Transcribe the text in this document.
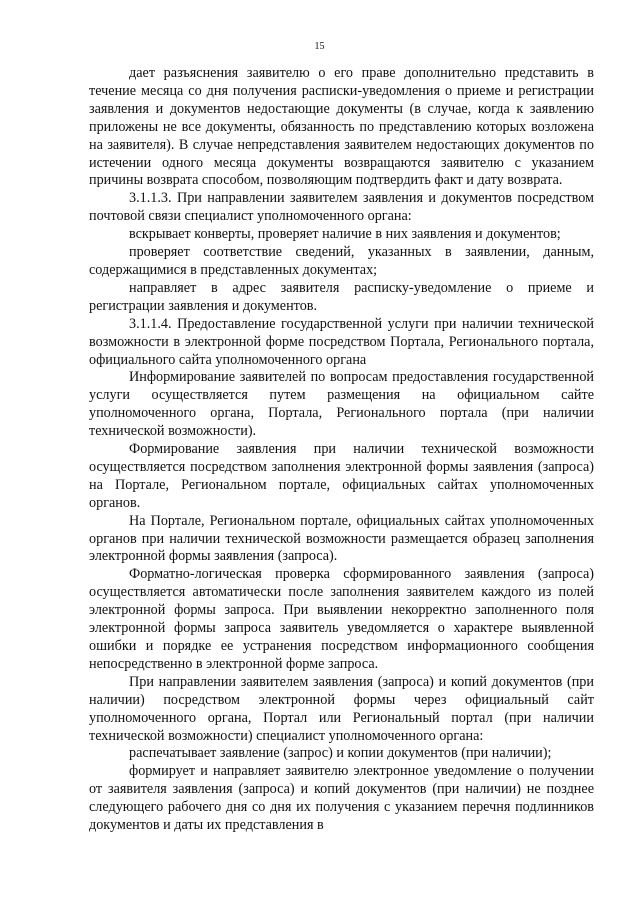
15

дает разъяснения заявителю о его праве дополнительно представить в течение месяца со дня получения расписки-уведомления о приеме и регистрации заявления и документов недостающие документы (в случае, когда к заявлению приложены не все документы, обязанность по представлению которых возложена на заявителя). В случае непредставления заявителем недостающих документов по истечении одного месяца документы возвращаются заявителю с указанием причины возврата способом, позволяющим подтвердить факт и дату возврата.

3.1.1.3. При направлении заявителем заявления и документов посредством почтовой связи специалист уполномоченного органа:

вскрывает конверты, проверяет наличие в них заявления и документов;

проверяет соответствие сведений, указанных в заявлении, данным, содержащимися в представленных документах;

направляет в адрес заявителя расписку-уведомление о приеме и регистрации заявления и документов.

3.1.1.4. Предоставление государственной услуги при наличии технической возможности в электронной форме посредством Портала, Регионального портала, официального сайта уполномоченного органа

Информирование заявителей по вопросам предоставления государственной услуги осуществляется путем размещения на официальном сайте уполномоченного органа, Портала, Регионального портала (при наличии технической возможности).

Формирование заявления при наличии технической возможности осуществляется посредством заполнения электронной формы заявления (запроса) на Портале, Региональном портале, официальных сайтах уполномоченных органов.

На Портале, Региональном портале, официальных сайтах уполномоченных органов при наличии технической возможности размещается образец заполнения электронной формы заявления (запроса).

Форматно-логическая проверка сформированного заявления (запроса) осуществляется автоматически после заполнения заявителем каждого из полей электронной формы запроса. При выявлении некорректно заполненного поля электронной формы запроса заявитель уведомляется о характере выявленной ошибки и порядке ее устранения посредством информационного сообщения непосредственно в электронной форме запроса.

При направлении заявителем заявления (запроса) и копий документов (при наличии) посредством электронной формы через официальный сайт уполномоченного органа, Портал или Региональный портал (при наличии технической возможности) специалист уполномоченного органа:

распечатывает заявление (запрос) и копии документов (при наличии);

формирует и направляет заявителю электронное уведомление о получении от заявителя заявления (запроса) и копий документов (при наличии) не позднее следующего рабочего дня со дня их получения с указанием перечня подлинников документов и даты их представления в
